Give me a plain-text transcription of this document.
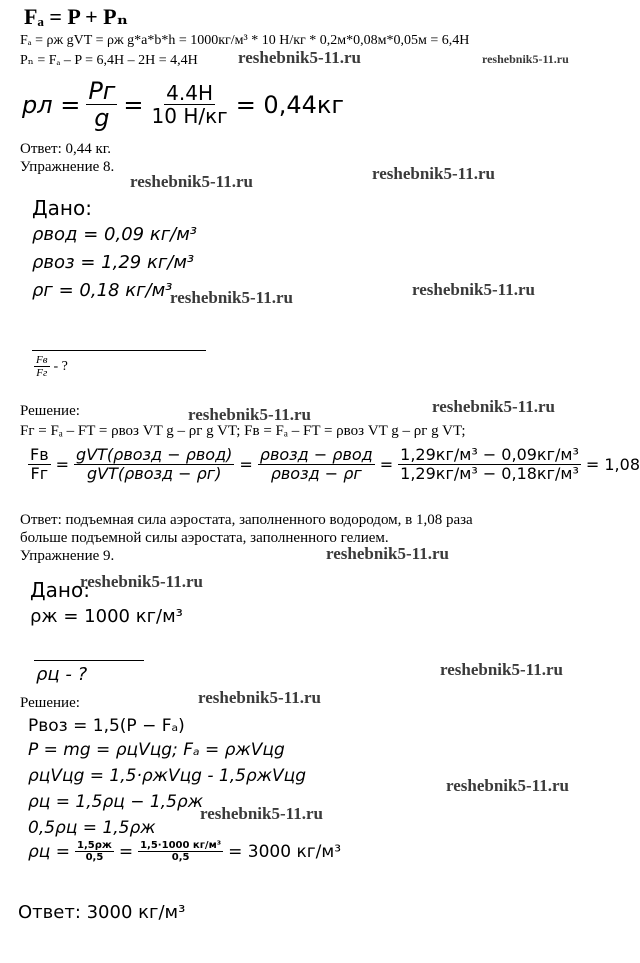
Fₐ = P + Pₙ
Fₐ = ρж gVT = ρж g*a*b*h = 1000кг/м³ * 10 Н/кг * 0,2м*0,08м*0,05м = 6,4Н
Pₙ = Fₐ – P = 6,4Н – 2Н = 4,4Н reshebnik5-11.ru	reshebnik5-11.ru
pл = $\frac{Pг}{g} = \frac{4.4Н}{10 Н/кг} = 0,44кг$
Ответ: 0,44 кг.
Упражнение 8.
reshebnik5-11.ru	reshebnik5-11.ru
Дано:
ρвод = 0,09 кг/м³
ρвоз = 1,29 кг/м³
ρг = 0,18 кг/м³
reshebnik5-11.ru	reshebnik5-11.ru
$\frac{Fв}{Fг}$ - ?
Решение:	reshebnik5-11.ru	reshebnik5-11.ru
Fг = Fₐ – FT = ρвоз VT g – ρг g VT; Fв = Fₐ – FT = ρвоз VT g – ρг g VT;
$\frac{Fв}{Fг} = \frac{\text{gVT(ρвозд − ρвод)}}{\text{gVT(ρвозд − ρг)}} = \frac{\text{ρвозд − ρвод}}{\text{ρвозд − ρг}} = \frac{\text{1,29кг/м³ − 0,09кг/м³}}{\text{1,29кг/м³ − 0,18кг/м³}} = 1,08$
Ответ: подъемная сила аэростата, заполненного водородом, в 1,08 раза
больше подъемной силы аэростата, заполненного гелием.
Упражнение 9.	reshebnik5-11.ru
Дано:
reshebnik5-11.ru
ρж = 1000 кг/м³
ρц - ?	reshebnik5-11.ru
Решение:	reshebnik5-11.ru
Pвоз = 1,5(P − Fₐ)
P = mg = ρцVцg; Fₐ = ρжVцg
ρцVцg = 1,5·ρжVцg - 1,5ρжVцg	reshebnik5-11.ru
ρц = 1,5ρц − 1,5ρж
reshebnik5-11.ru
0,5ρц = 1,5ρж
$\rho ц = \frac{1,5\rho ж}{0,5} = \frac{\text{1,5·1000 кг/м³}}{0,5} = 3000$ кг/м³
Ответ: 3000 кг/м³
